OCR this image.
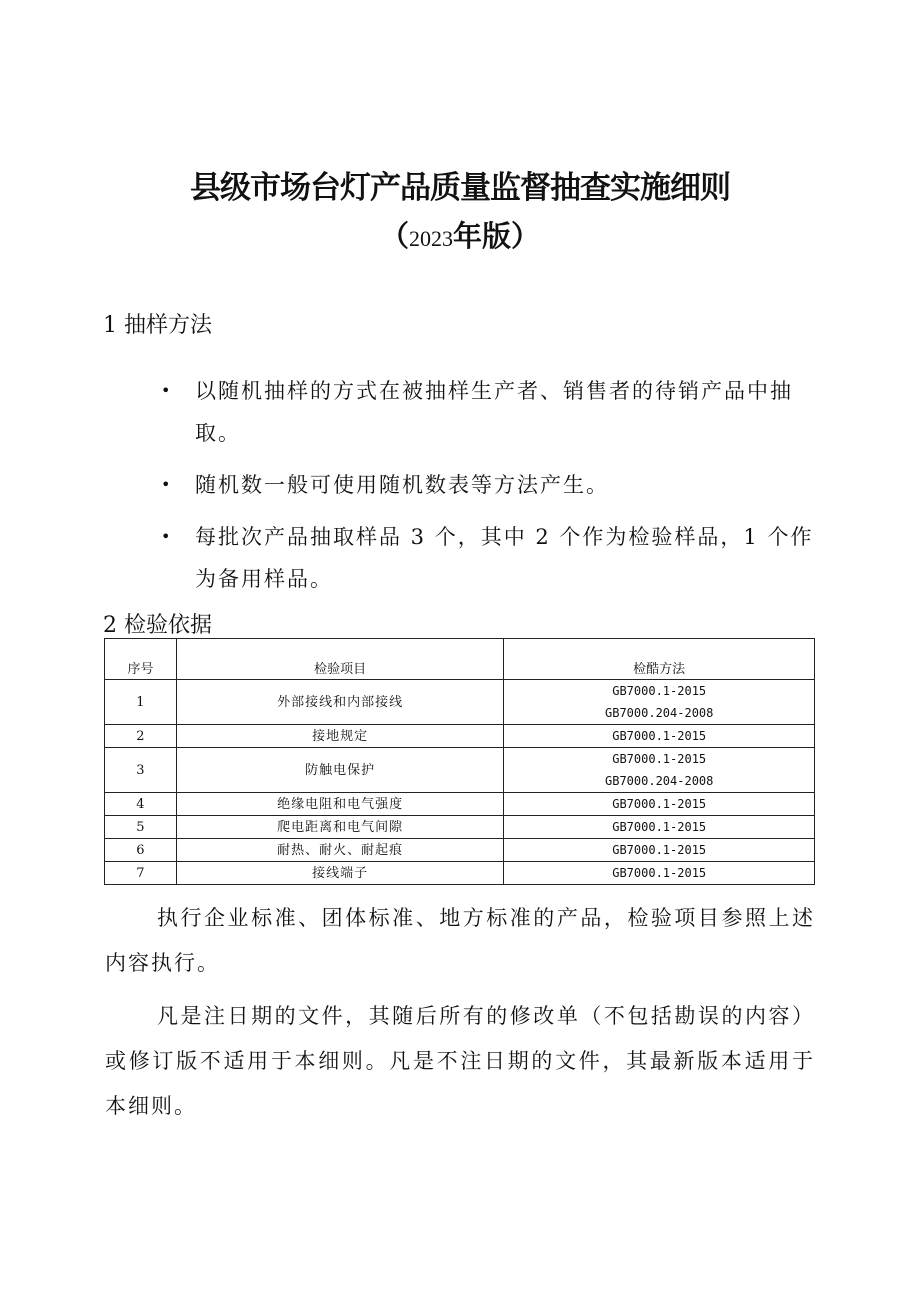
县级市场台灯产品质量监督抽查实施细则
（2023年版）
1 抽样方法
• 以随机抽样的方式在被抽样生产者、销售者的待销产品中抽取。
• 随机数一般可使用随机数表等方法产生。
• 每批次产品抽取样品 3 个，其中 2 个作为检验样品，1 个作为备用样品。
2 检验依据
序号	检验项目	检酷方法
1	外部接线和内部接线	GB7000.1-2015
		GB7000.204-2008
2	接地规定	GB7000.1-2015
3	防触电保护	GB7000.1-2015
		GB7000.204-2008
4	绝缘电阻和电气强度	GB7000.1-2015
5	爬电距离和电气间隙	GB7000.1-2015
6	耐热、耐火、耐起痕	GB7000.1-2015
7	接线端子	GB7000.1-2015

执行企业标准、团体标准、地方标准的产品，检验项目参照上述内容执行。

凡是注日期的文件，其随后所有的修改单（不包括勘误的内容）或修订版不适用于本细则。凡是不注日期的文件，其最新版本适用于本细则。
